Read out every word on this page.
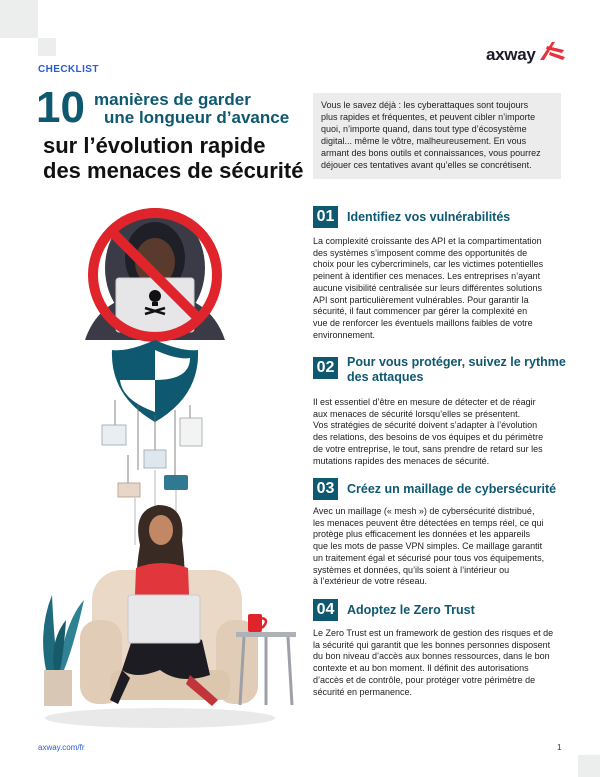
axway
CHECKLIST
10 manières de garder
une longueur d’avance
sur l’évolution rapide
des menaces de sécurité
Vous le savez déjà : les cyberattaques sont toujours
plus rapides et fréquentes, et peuvent cibler n’importe
quoi, n’importe quand, dans tout type d’écosystème
digital... même le vôtre, malheureusement. En vous
armant des bons outils et connaissances, vous pourrez
déjouer ces tentatives avant qu’elles se concrétisent.
01 Identifiez vos vulnérabilités
La complexité croissante des API et la compartimentation
des systèmes s’imposent comme des opportunités de
choix pour les cybercriminels, car les victimes potentielles
peinent à identifier ces menaces. Les entreprises n’ayant
aucune visibilité centralisée sur leurs différentes solutions
API sont particulièrement vulnérables. Pour garantir la
sécurité, il faut commencer par gérer la complexité en
vue de renforcer les éventuels maillons faibles de votre
environnement.
02 Pour vous protéger, suivez le rythme
des attaques
Il est essentiel d’être en mesure de détecter et de réagir
aux menaces de sécurité lorsqu’elles se présentent.
Vos stratégies de sécurité doivent s’adapter à l’évolution
des relations, des besoins de vos équipes et du périmètre
de votre entreprise, le tout, sans prendre de retard sur les
mutations rapides des menaces de sécurité.
03 Créez un maillage de cybersécurité
Avec un maillage (« mesh ») de cybersécurité distribué,
les menaces peuvent être détectées en temps réel, ce qui
protège plus efficacement les données et les appareils
que les mots de passe VPN simples. Ce maillage garantit
un traitement égal et sécurisé pour tous vos équipements,
systèmes et données, qu’ils soient à l’intérieur ou
à l’extérieur de votre réseau.
04 Adoptez le Zero Trust
Le Zero Trust est un framework de gestion des risques et de
la sécurité qui garantit que les bonnes personnes disposent
du bon niveau d’accès aux bonnes ressources, dans le bon
contexte et au bon moment. Il définit des autorisations
d’accès et de contrôle, pour protéger votre périmètre de
sécurité en permanence.
axway.com/fr	1
